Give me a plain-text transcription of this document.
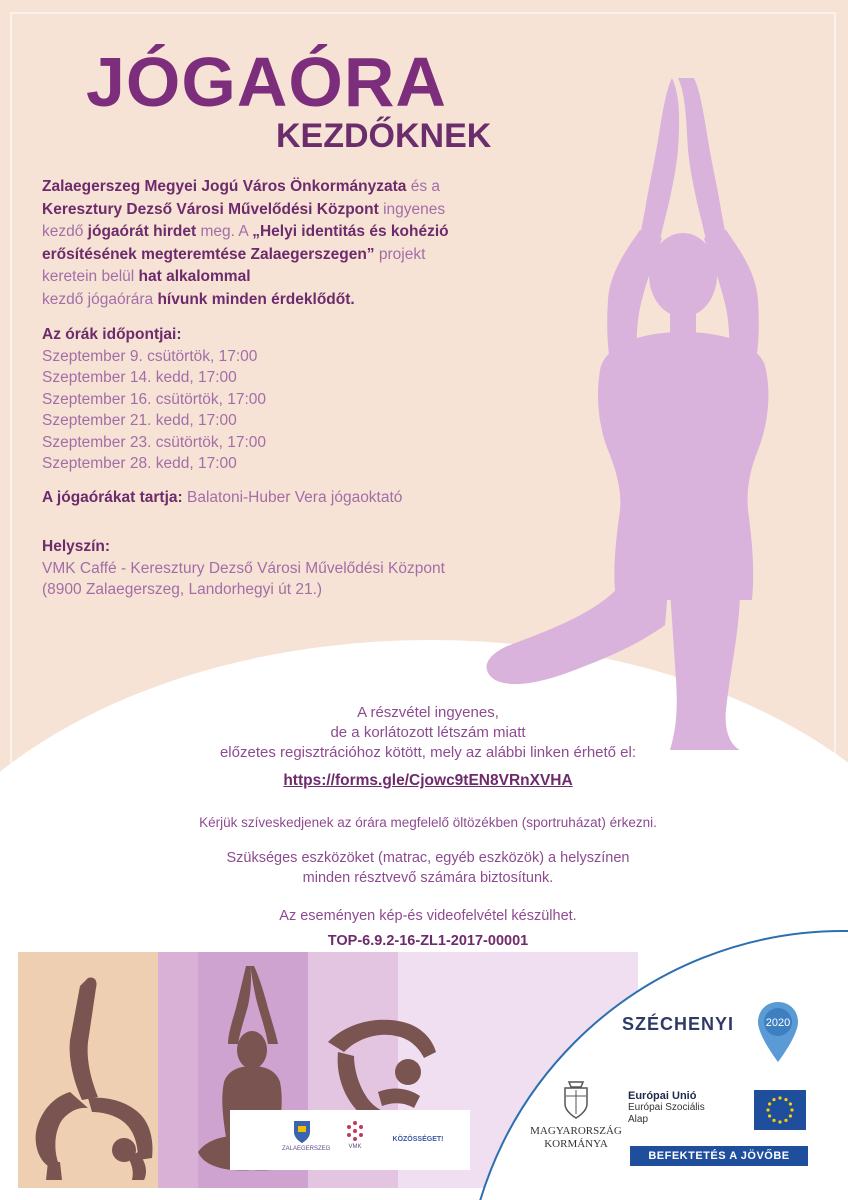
JÓGAÓRA
KEZDŐKNEK
Zalaegerszeg Megyei Jogú Város Önkormányzata és a Keresztury Dezső Városi Művelődési Központ ingyenes kezdő jógaórát hirdet meg. A „Helyi identitás és kohézió erősítésének megteremtése Zalaegerszegen” projekt keretein belül hat alkalommal
kezdő jógaórára hívunk minden érdeklődőt.
Az órák időpontjai:
Szeptember 9. csütörtök, 17:00
Szeptember 14. kedd, 17:00
Szeptember 16. csütörtök, 17:00
Szeptember 21. kedd, 17:00
Szeptember 23. csütörtök, 17:00
Szeptember 28. kedd, 17:00
A jógaórákat tartja: Balatoni-Huber Vera jógaoktató
Helyszín:
VMK Caffé - Keresztury Dezső Városi Művelődési Központ
(8900 Zalaegerszeg, Landorhegyi út 21.)
A részvétel ingyenes,
de a korlátozott létszám miatt
előzetes regisztrációhoz kötött, mely az alábbi linken érhető el:
https://forms.gle/Cjowc9tEN8VRnXVHA
Kérjük szíveskedjenek az órára megfelelő öltözékben (sportruházat) érkezni.
Szükséges eszközöket (matrac, egyéb eszközök) a helyszínen
minden résztvevő számára biztosítunk.
Az eseményen kép-és videofelvétel készülhet.
TOP-6.9.2-16-ZL1-2017-00001
ZALAEGERSZEG	VMK
KÖZÖSSÉGET!
SZÉCHENYI	2020
MAGYARORSZÁG
KORMÁNYA
Európai Unió
Európai Szociális
Alap
BEFEKTETÉS A JÖVŐBE
